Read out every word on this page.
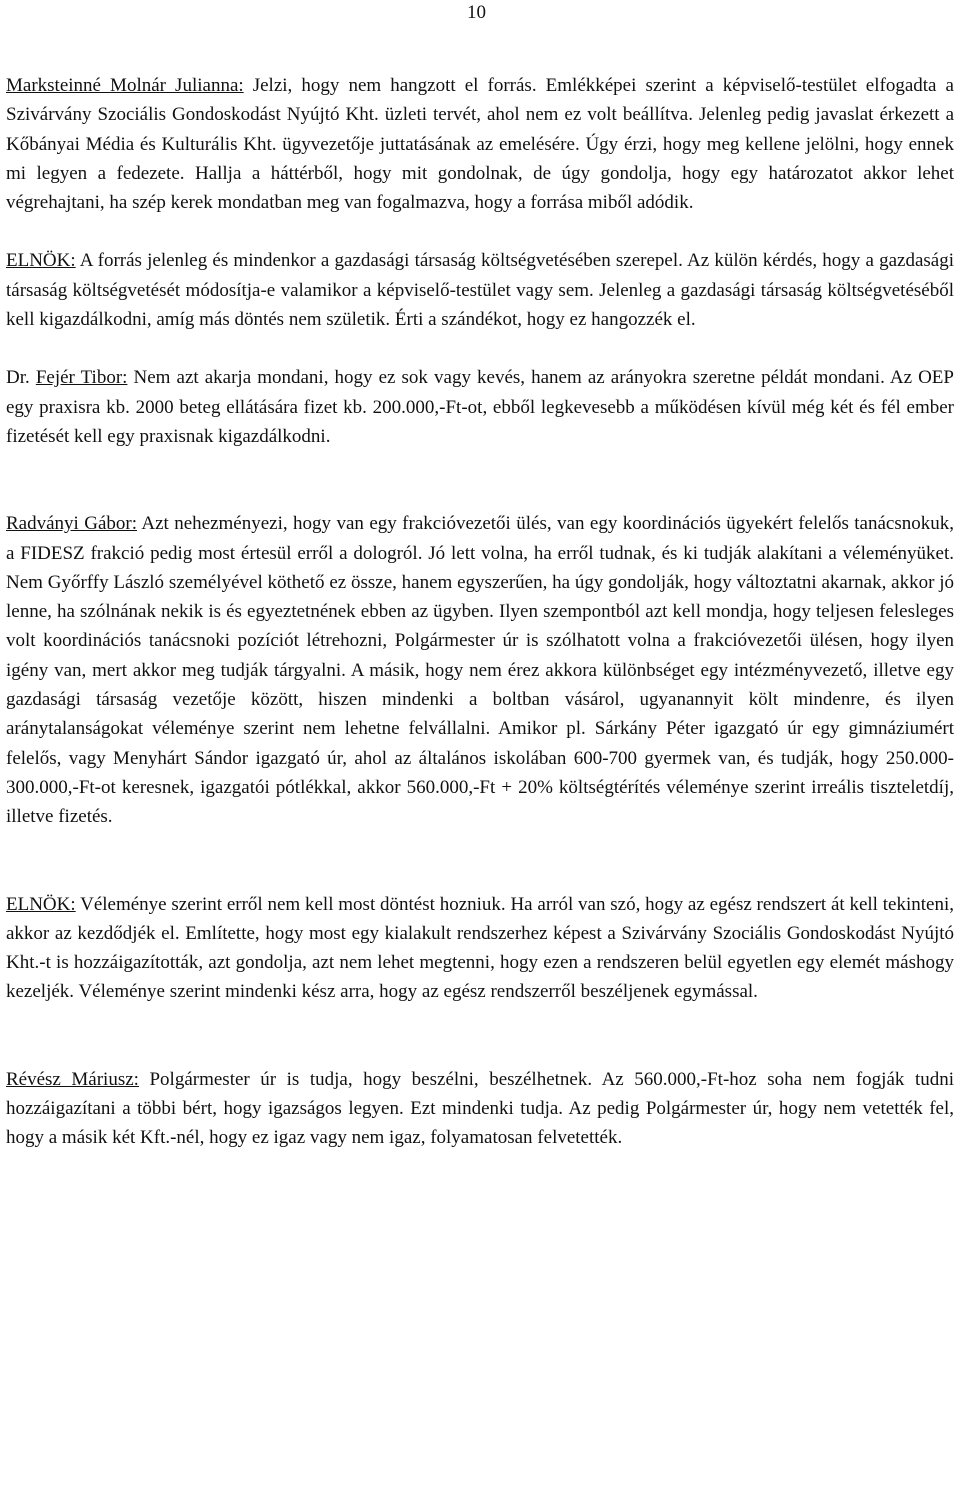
10

Marksteinné Molnár Julianna: Jelzi, hogy nem hangzott el forrás. Emlékképei szerint a képviselő-testület elfogadta a Szivárvány Szociális Gondoskodást Nyújtó Kht. üzleti tervét, ahol nem ez volt beállítva. Jelenleg pedig javaslat érkezett a Kőbányai Média és Kulturális Kht. ügyvezetője juttatásának az emelésére. Úgy érzi, hogy meg kellene jelölni, hogy ennek mi legyen a fedezete. Hallja a háttérből, hogy mit gondolnak, de úgy gondolja, hogy egy határozatot akkor lehet végrehajtani, ha szép kerek mondatban meg van fogalmazva, hogy a forrása miből adódik.

ELNÖK: A forrás jelenleg és mindenkor a gazdasági társaság költségvetésében szerepel. Az külön kérdés, hogy a gazdasági társaság költségvetését módosítja-e valamikor a képviselő-testület vagy sem. Jelenleg a gazdasági társaság költségvetéséből kell kigazdálkodni, amíg más döntés nem születik. Érti a szándékot, hogy ez hangozzék el.

Dr. Fejér Tibor: Nem azt akarja mondani, hogy ez sok vagy kevés, hanem az arányokra szeretne példát mondani. Az OEP egy praxisra kb. 2000 beteg ellátására fizet kb. 200.000,-Ft-ot, ebből legkevesebb a működésen kívül még két és fél ember fizetését kell egy praxisnak kigazdálkodni.

Radványi Gábor: Azt nehezményezi, hogy van egy frakcióvezetői ülés, van egy koordinációs ügyekért felelős tanácsnokuk, a FIDESZ frakció pedig most értesül erről a dologról. Jó lett volna, ha erről tudnak, és ki tudják alakítani a véleményüket. Nem Győrffy László személyével köthető ez össze, hanem egyszerűen, ha úgy gondolják, hogy változtatni akarnak, akkor jó lenne, ha szólnának nekik is és egyeztetnének ebben az ügyben. Ilyen szempontból azt kell mondja, hogy teljesen felesleges volt koordinációs tanácsnoki pozíciót létrehozni, Polgármester úr is szólhatott volna a frakcióvezetői ülésen, hogy ilyen igény van, mert akkor meg tudják tárgyalni. A másik, hogy nem érez akkora különbséget egy intézményvezető, illetve egy gazdasági társaság vezetője között, hiszen mindenki a boltban vásárol, ugyanannyit költ mindenre, és ilyen aránytalanságokat véleménye szerint nem lehetne felvállalni. Amikor pl. Sárkány Péter igazgató úr egy gimnáziumért felelős, vagy Menyhárt Sándor igazgató úr, ahol az általános iskolában 600-700 gyermek van, és tudják, hogy 250.000-300.000,-Ft-ot keresnek, igazgatói pótlékkal, akkor 560.000,-Ft + 20% költségtérítés véleménye szerint irreális tiszteletdíj, illetve fizetés.

ELNÖK: Véleménye szerint erről nem kell most döntést hozniuk. Ha arról van szó, hogy az egész rendszert át kell tekinteni, akkor az kezdődjék el. Említette, hogy most egy kialakult rendszerhez képest a Szivárvány Szociális Gondoskodást Nyújtó Kht.-t is hozzáigazították, azt gondolja, azt nem lehet megtenni, hogy ezen a rendszeren belül egyetlen egy elemét máshogy kezeljék. Véleménye szerint mindenki kész arra, hogy az egész rendszerről beszéljenek egymással.

Révész Máriusz: Polgármester úr is tudja, hogy beszélni, beszélhetnek. Az 560.000,-Ft-hoz soha nem fogják tudni hozzáigazítani a többi bért, hogy igazságos legyen. Ezt mindenki tudja. Az pedig Polgármester úr, hogy nem vetették fel, hogy a másik két Kft.-nél, hogy ez igaz vagy nem igaz, folyamatosan felvetették.
